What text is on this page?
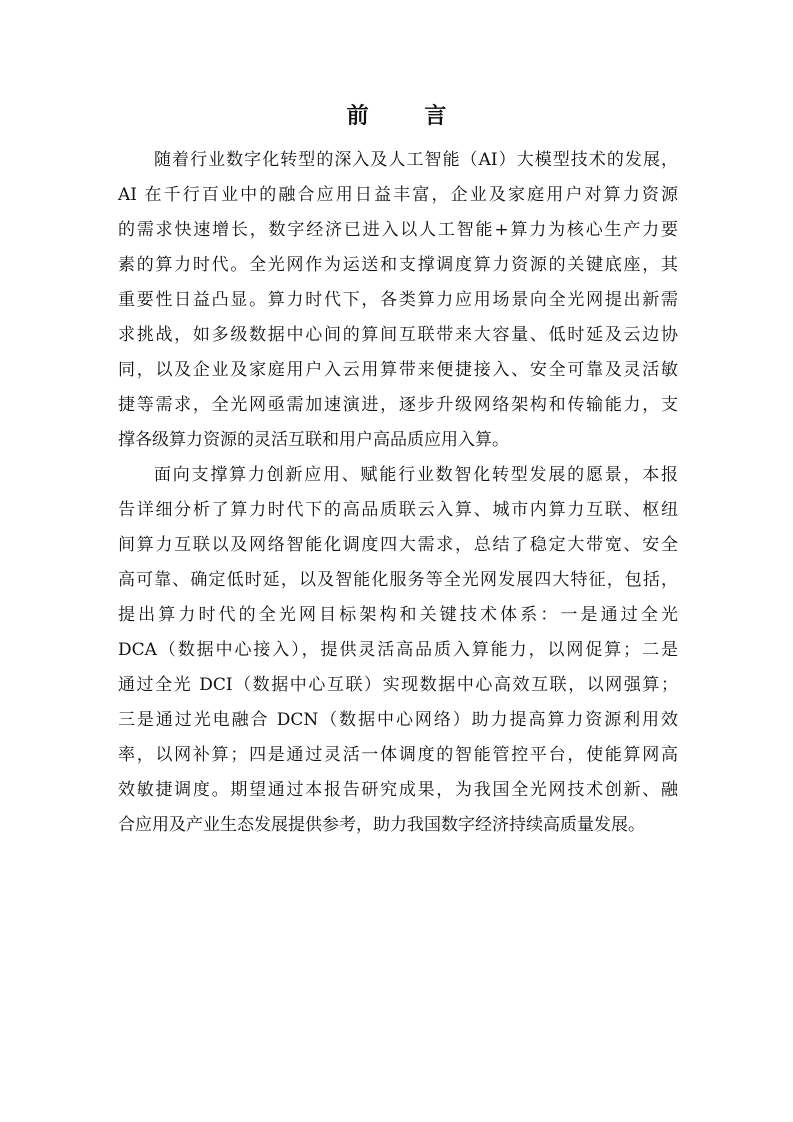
前 言
随着行业数字化转型的深入及人工智能（AI）大模型技术的发展，
AI 在千行百业中的融合应用日益丰富，企业及家庭用户对算力资源
的需求快速增长，数字经济已进入以人工智能+算力为核心生产力要
素的算力时代。全光网作为运送和支撑调度算力资源的关键底座，其
重要性日益凸显。算力时代下，各类算力应用场景向全光网提出新需
求挑战，如多级数据中心间的算间互联带来大容量、低时延及云边协
同，以及企业及家庭用户入云用算带来便捷接入、安全可靠及灵活敏
捷等需求，全光网亟需加速演进，逐步升级网络架构和传输能力，支
撑各级算力资源的灵活互联和用户高品质应用入算。
面向支撑算力创新应用、赋能行业数智化转型发展的愿景，本报
告详细分析了算力时代下的高品质联云入算、城市内算力互联、枢纽
间算力互联以及网络智能化调度四大需求，总结了稳定大带宽、安全
高可靠、确定低时延，以及智能化服务等全光网发展四大特征，包括，
提出算力时代的全光网目标架构和关键技术体系：一是通过全光
DCA（数据中心接入），提供灵活高品质入算能力，以网促算；二是
通过全光 DCI（数据中心互联）实现数据中心高效互联，以网强算；
三是通过光电融合 DCN（数据中心网络）助力提高算力资源利用效
率，以网补算；四是通过灵活一体调度的智能管控平台，使能算网高
效敏捷调度。期望通过本报告研究成果，为我国全光网技术创新、融
合应用及产业生态发展提供参考，助力我国数字经济持续高质量发展。
